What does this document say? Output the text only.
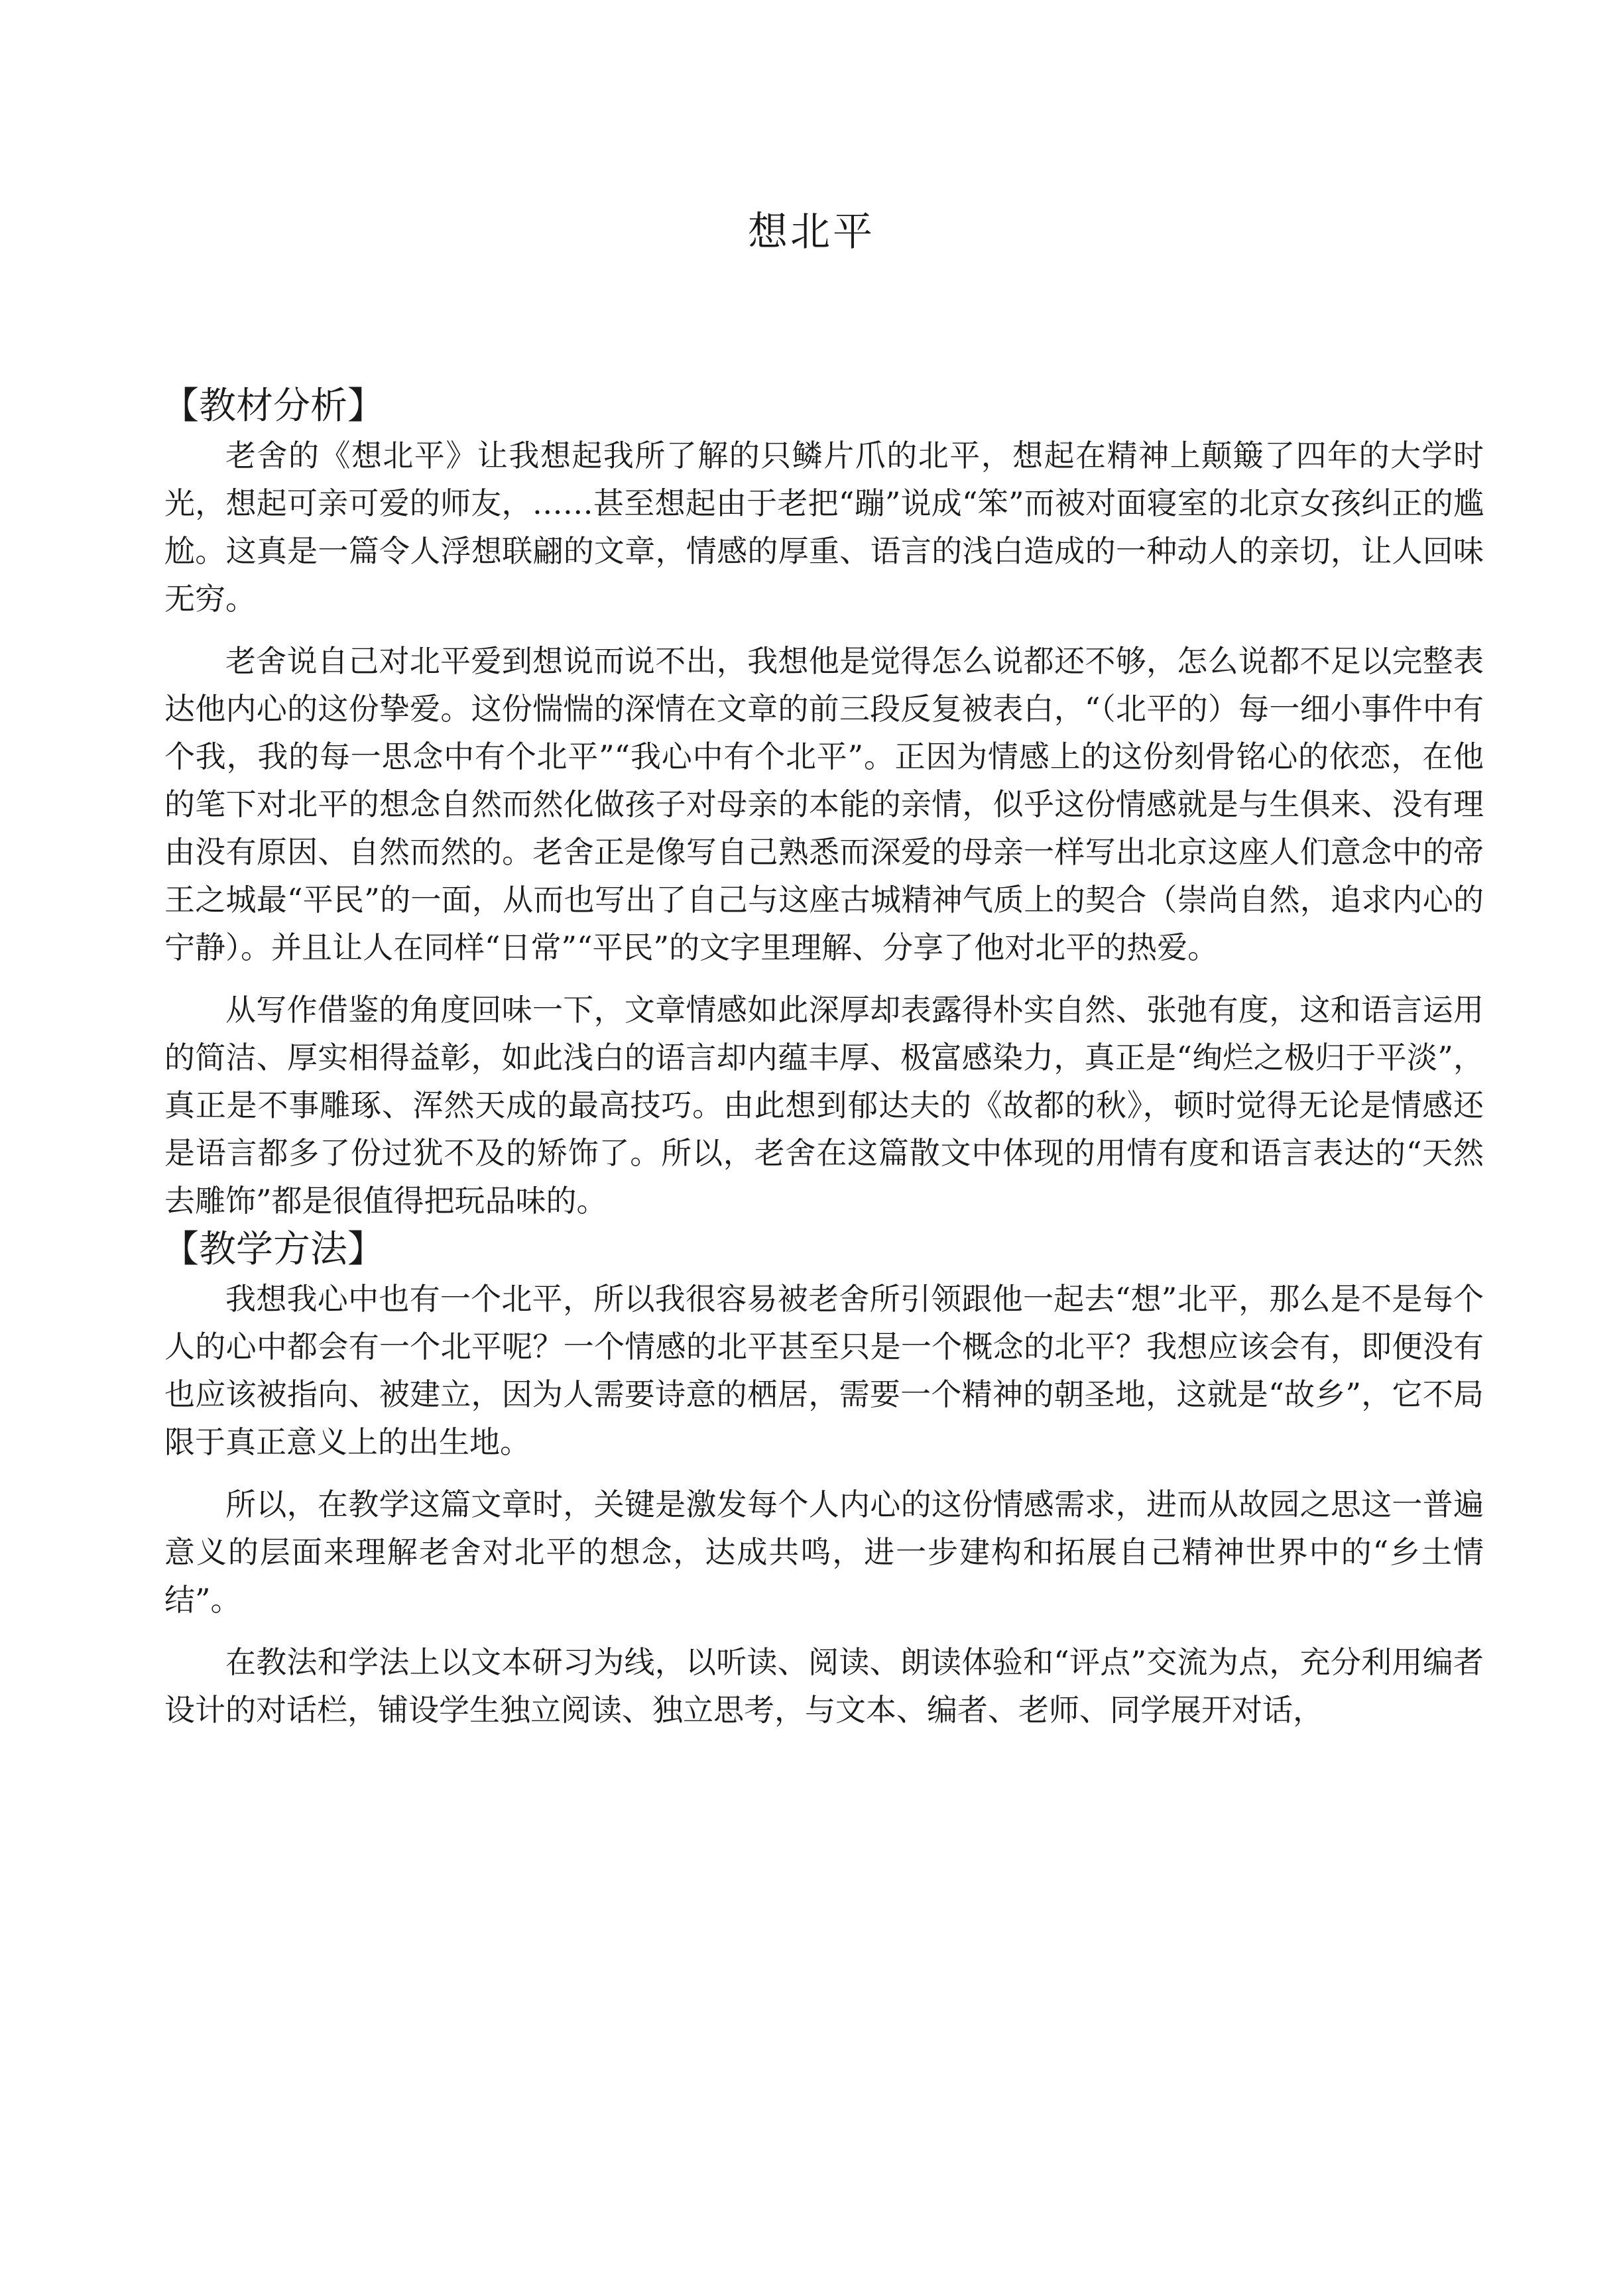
想北平
【教材分析】

老舍的《想北平》让我想起我所了解的只鳞片爪的北平，想起在精神上颠簸了四年的大学时光，想起可亲可爱的师友，……甚至想起由于老把“蹦”说成“笨”而被对面寝室的北京女孩纠正的尴尬。这真是一篇令人浮想联翩的文章，情感的厚重、语言的浅白造成的一种动人的亲切，让人回味无穷。

老舍说自己对北平爱到想说而说不出，我想他是觉得怎么说都还不够，怎么说都不足以完整表达他内心的这份挚爱。这份惴惴的深情在文章的前三段反复被表白，“（北平的）每一细小事件中有个我，我的每一思念中有个北平”“我心中有个北平”。正因为情感上的这份刻骨铭心的依恋，在他的笔下对北平的想念自然而然化做孩子对母亲的本能的亲情，似乎这份情感就是与生俱来、没有理由没有原因、自然而然的。老舍正是像写自己熟悉而深爱的母亲一样写出北京这座人们意念中的帝王之城最“平民”的一面，从而也写出了自己与这座古城精神气质上的契合（崇尚自然，追求内心的宁静）。并且让人在同样“日常”“平民”的文字里理解、分享了他对北平的热爱。

从写作借鉴的角度回味一下，文章情感如此深厚却表露得朴实自然、张弛有度，这和语言运用的简洁、厚实相得益彰，如此浅白的语言却内蕴丰厚、极富感染力，真正是“绚烂之极归于平淡”，真正是不事雕琢、浑然天成的最高技巧。由此想到郁达夫的《故都的秋》，顿时觉得无论是情感还是语言都多了份过犹不及的矫饰了。所以，老舍在这篇散文中体现的用情有度和语言表达的“天然去雕饰”都是很值得把玩品味的。

【教学方法】

我想我心中也有一个北平，所以我很容易被老舍所引领跟他一起去“想”北平，那么是不是每个人的心中都会有一个北平呢？一个情感的北平甚至只是一个概念的北平？我想应该会有，即便没有也应该被指向、被建立，因为人需要诗意的栖居，需要一个精神的朝圣地，这就是“故乡”，它不局限于真正意义上的出生地。

所以，在教学这篇文章时，关键是激发每个人内心的这份情感需求，进而从故园之思这一普遍意义的层面来理解老舍对北平的想念，达成共鸣，进一步建构和拓展自己精神世界中的“乡土情结”。

在教法和学法上以文本研习为线，以听读、阅读、朗读体验和“评点”交流为点，充分利用编者设计的对话栏，铺设学生独立阅读、独立思考，与文本、编者、老师、同学展开对话，
